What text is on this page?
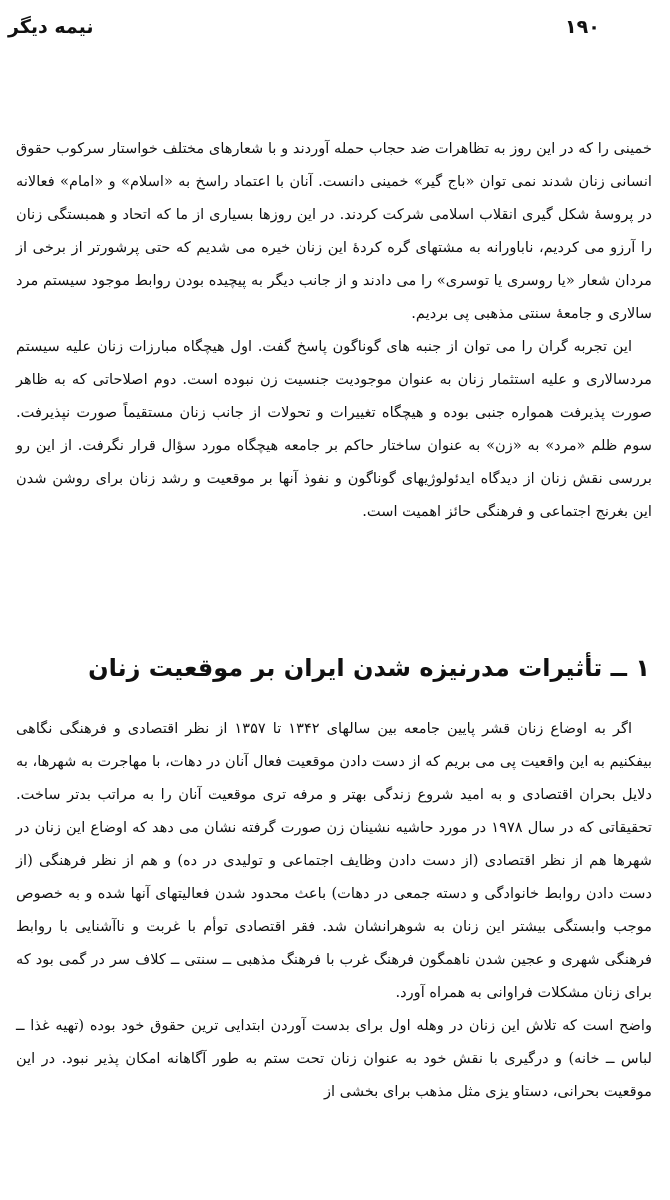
۱۹۰
نیمه دیگر

خمینی را که در این روز به تظاهرات ضد حجاب حمله آوردند و با شعارهای مختلف خواستار سرکوب حقوق انسانی زنان شدند نمی توان «باج گیر» خمینی دانست. آنان با اعتماد راسخ به «اسلام» و «امام» فعالانه در پروسهٔ شکل گیری انقلاب اسلامی شرکت کردند. در این روزها بسیاری از ما که اتحاد و همبستگی زنان را آرزو می کردیم، ناباورانه به مشتهای گره کردهٔ این زنان خیره می شدیم که حتی پرشورتر از برخی از مردان شعار «یا روسری یا توسری» را می دادند و از جانب دیگر به پیچیده بودن روابط موجود سیستم مرد سالاری و جامعهٔ سنتی مذهبی پی بردیم.

این تجربه گران را می توان از جنبه های گوناگون پاسخ گفت. اول هیچگاه مبارزات زنان علیه سیستم مردسالاری و علیه استثمار زنان به عنوان موجودیت جنسیت زن نبوده است. دوم اصلاحاتی که به ظاهر صورت پذیرفت همواره جنبی بوده و هیچگاه تغییرات و تحولات از جانب زنان مستقیماً صورت نپذیرفت. سوم ظلم «مرد» به «زن» به عنوان ساختار حاکم بر جامعه هیچگاه مورد سؤال قرار نگرفت. از این رو بررسی نقش زنان از دیدگاه ایدئولوژیهای گوناگون و نفوذ آنها بر موقعیت و رشد زنان برای روشن شدن این بغرنج اجتماعی و فرهنگی حائز اهمیت است.

۱ ــ تأثیرات مدرنیزه شدن ایران بر موقعیت زنان

اگر به اوضاع زنان قشر پایین جامعه بین سالهای ۱۳۴۲ تا ۱۳۵۷ از نظر اقتصادی و فرهنگی نگاهی بیفکنیم به این واقعیت پی می بریم که از دست دادن موقعیت فعال آنان در دهات، با مهاجرت به شهرها، به دلایل بحران اقتصادی و به امید شروع زندگی بهتر و مرفه تری موقعیت آنان را به مراتب بدتر ساخت. تحقیقاتی که در سال ۱۹۷۸ در مورد حاشیه نشینان زن صورت گرفته نشان می دهد که اوضاع این زنان در شهرها هم از نظر اقتصادی (از دست دادن وظایف اجتماعی و تولیدی در ده) و هم از نظر فرهنگی (از دست دادن روابط خانوادگی و دسته جمعی در دهات) باعث محدود شدن فعالیتهای آنها شده و به خصوص موجب وابستگی بیشتر این زنان به شوهرانشان شد. فقر اقتصادی توأم با غربت و ناآشنایی با روابط فرهنگی شهری و عجین شدن ناهمگون فرهنگ غرب با فرهنگ مذهبی ــ سنتی ــ کلاف سر در گمی بود که برای زنان مشکلات فراوانی به همراه آورد.

واضح است که تلاش این زنان در وهله اول برای بدست آوردن ابتدایی ترین حقوق خود بوده (تهیه غذا ــ لباس ــ خانه) و درگیری با نقش خود به عنوان زنان تحت ستم به طور آگاهانه امکان پذیر نبود. در این موقعیت بحرانی، دستاو یزی مثل مذهب برای بخشی از
